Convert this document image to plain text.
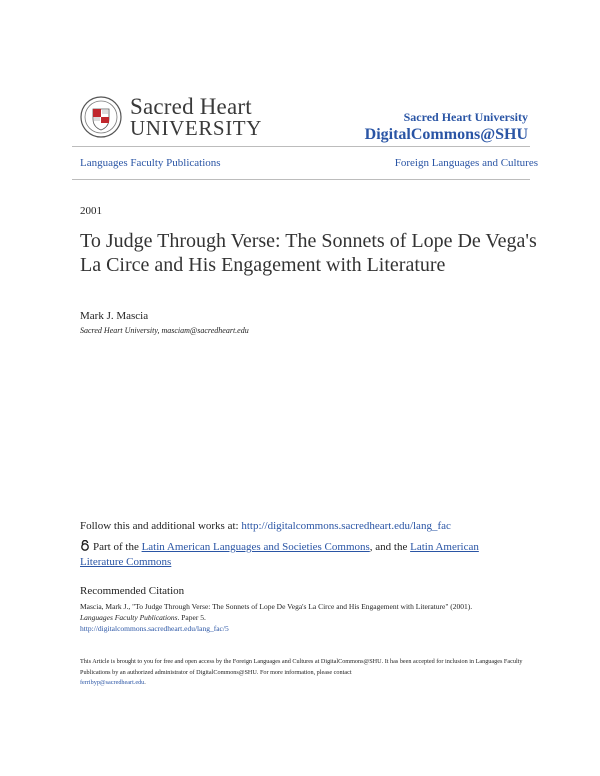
Sacred Heart
UNIVERSITY	Sacred Heart University
DigitalCommons@SHU
Languages Faculty Publications	Foreign Languages and Cultures
2001
To Judge Through Verse: The Sonnets of Lope De Vega's La Circe and His Engagement with Literature
Mark J. Mascia
Sacred Heart University, masciam@sacredheart.edu
Follow this and additional works at: http://digitalcommons.sacredheart.edu/lang_fac
Part of the Latin American Languages and Societies Commons, and the Latin American Literature Commons
Recommended Citation
Mascia, Mark J., "To Judge Through Verse: The Sonnets of Lope De Vega's La Circe and His Engagement with Literature" (2001).
Languages Faculty Publications. Paper 5.
http://digitalcommons.sacredheart.edu/lang_fac/5
This Article is brought to you for free and open access by the Foreign Languages and Cultures at DigitalCommons@SHU. It has been accepted for inclusion in Languages Faculty Publications by an authorized administrator of DigitalCommons@SHU. For more information, please contact
ferribyp@sacredheart.edu.
